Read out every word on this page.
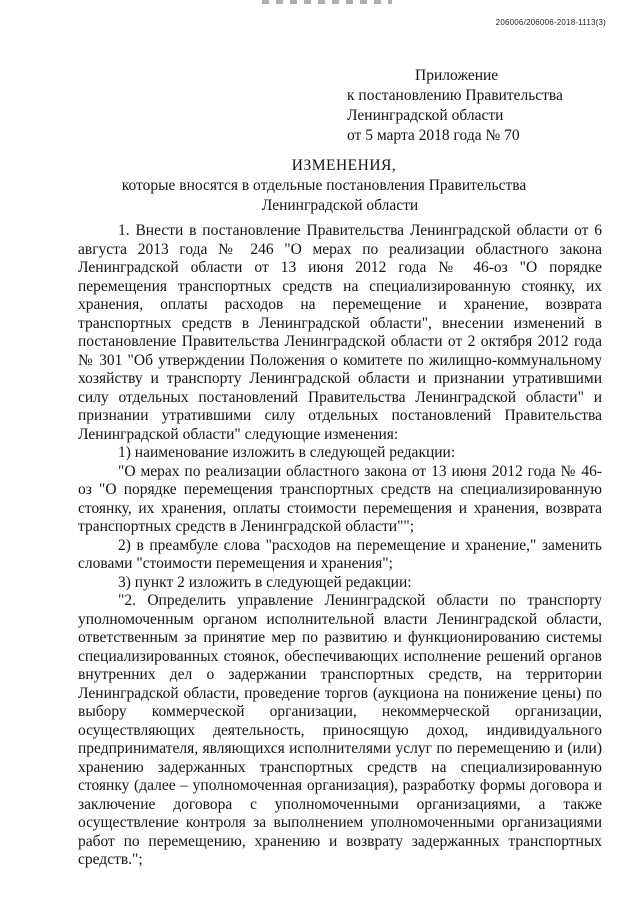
206006/206006-2018-1113(3)
Приложение
к постановлению Правительства
Ленинградской области
от 5 марта 2018 года № 70
ИЗМЕНЕНИЯ,
которые вносятся в отдельные постановления Правительства
Ленинградской области

1. Внести в постановление Правительства Ленинградской области от 6 августа 2013 года № 246 "О мерах по реализации областного закона Ленинградской области от 13 июня 2012 года № 46-оз "О порядке перемещения транспортных средств на специализированную стоянку, их хранения, оплаты расходов на перемещение и хранение, возврата транспортных средств в Ленинградской области", внесении изменений в постановление Правительства Ленинградской области от 2 октября 2012 года № 301 "Об утверждении Положения о комитете по жилищно-коммунальному хозяйству и транспорту Ленинградской области и признании утратившими силу отдельных постановлений Правительства Ленинградской области" и признании утратившими силу отдельных постановлений Правительства Ленинградской области" следующие изменения:

1) наименование изложить в следующей редакции:

"О мерах по реализации областного закона от 13 июня 2012 года № 46-оз "О порядке перемещения транспортных средств на специализированную стоянку, их хранения, оплаты стоимости перемещения и хранения, возврата транспортных средств в Ленинградской области"";

2) в преамбуле слова "расходов на перемещение и хранение," заменить словами "стоимости перемещения и хранения";

3) пункт 2 изложить в следующей редакции:

"2. Определить управление Ленинградской области по транспорту уполномоченным органом исполнительной власти Ленинградской области, ответственным за принятие мер по развитию и функционированию системы специализированных стоянок, обеспечивающих исполнение решений органов внутренних дел о задержании транспортных средств, на территории Ленинградской области, проведение торгов (аукциона на понижение цены) по выбору коммерческой организации, некоммерческой организации, осуществляющих деятельность, приносящую доход, индивидуального предпринимателя, являющихся исполнителями услуг по перемещению и (или) хранению задержанных транспортных средств на специализированную стоянку (далее – уполномоченная организация), разработку формы договора и заключение договора с уполномоченными организациями, а также осуществление контроля за выполнением уполномоченными организациями работ по перемещению, хранению и возврату задержанных транспортных средств.";
